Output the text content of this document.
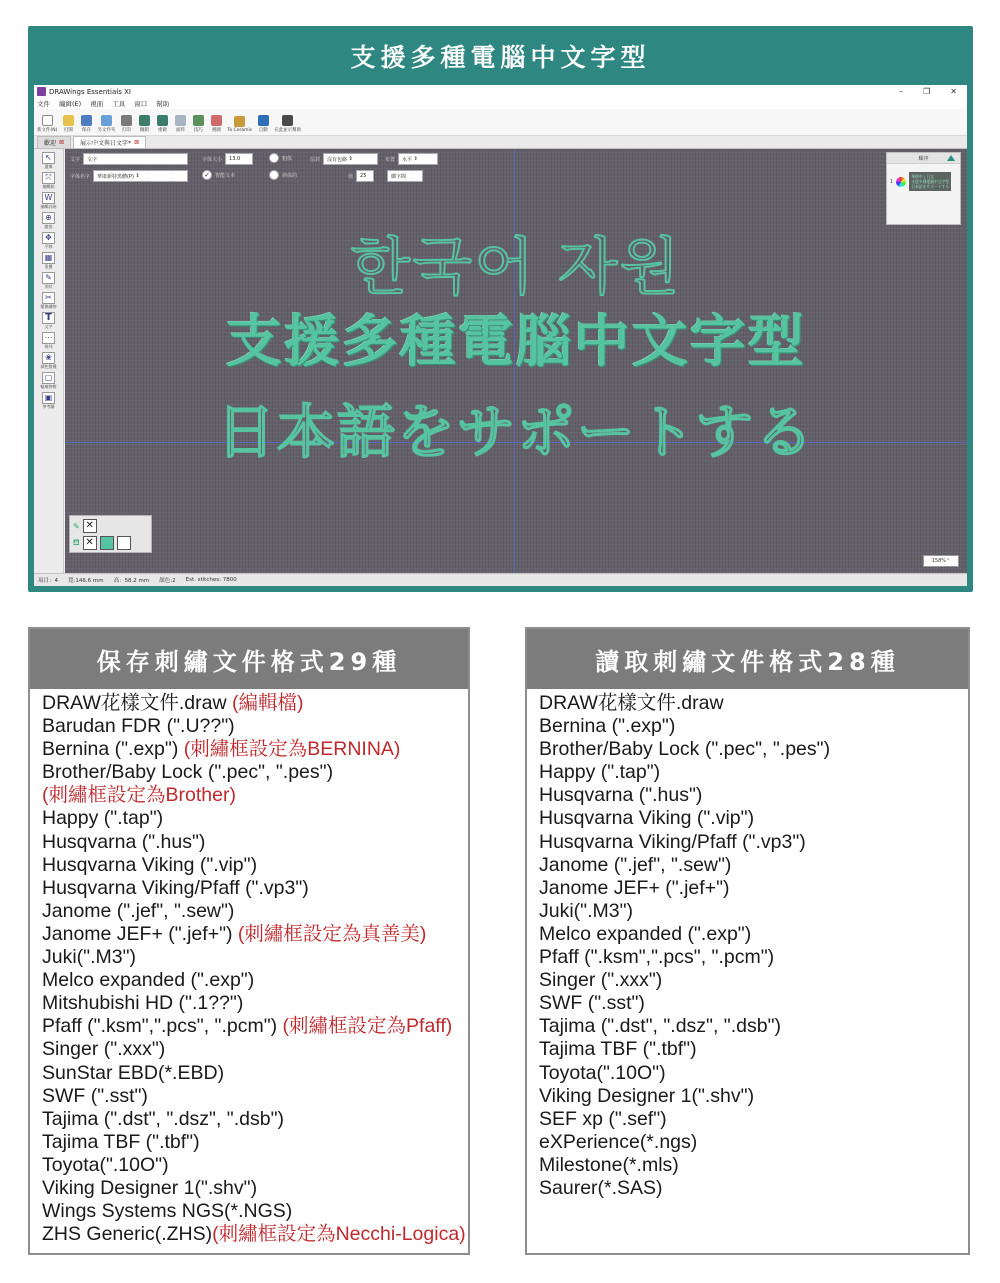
支援多種電腦中文字型
DRAWings Essentials XI	–	❐	✕
文件 編緝(E) 視面 工具 窗口 幫助
新文件(N) 打開 保存 另文件夾 打印 撤銷 重做 面料 技巧 視圖 To Ceramic 自動 在此並示幫助
歡迎 ⊠	展示中文與日文字* ⊠
↖
選擇
⤧
編輯點
W
編輯針跡
⊕
縮放
✥
平移
▦
重疊
✎
形狀
✂
變換繡物
T
文字
⋯
排列
❀
調色整種
▢
輪廓物輕
▣
參考圖
文字	文字	字体大小	13.0	粗体	信封 沒有包絡 ⇕	布置 水平 ⇕
字体名字 華康新特黑體(P) ⇕	✓	智能文本	斜体的	值	25	綁字間
한국어 자원
支援多種電腦中文字型
日本語をサポートする
順序
1
華僑中 | 日文
支援多種電腦中文字型
日本語をサポートする
✎ ✕
⛾ ✕
158%⌃
項目：4 寬:146.6 mm 高：58.2 mm 顏色:2 Est. stitches: 7800
保存刺繡文件格式29種
DRAW花樣文件.draw (編輯檔)
Barudan FDR (".U??")
Bernina (".exp") (刺繡框設定為BERNINA)
Brother/Baby Lock (".pec", ".pes")
(刺繡框設定為Brother)
Happy (".tap")
Husqvarna (".hus")
Husqvarna Viking (".vip")
Husqvarna Viking/Pfaff (".vp3")
Janome (".jef", ".sew")
Janome JEF+ (".jef+") (刺繡框設定為真善美)
Juki(".M3")
Melco expanded (".exp")
Mitshubishi HD (".1??")
Pfaff (".ksm",".pcs", ".pcm") (刺繡框設定為Pfaff)
Singer (".xxx")
SunStar EBD(*.EBD)
SWF (".sst")
Tajima (".dst", ".dsz", ".dsb")
Tajima TBF (".tbf")
Toyota(".10O")
Viking Designer 1(".shv")
Wings Systems NGS(*.NGS)
ZHS Generic(.ZHS)(刺繡框設定為Necchi-Logica)
讀取刺繡文件格式28種
DRAW花樣文件.draw
Bernina (".exp")
Brother/Baby Lock (".pec", ".pes")
Happy (".tap")
Husqvarna (".hus")
Husqvarna Viking (".vip")
Husqvarna Viking/Pfaff (".vp3")
Janome (".jef", ".sew")
Janome JEF+ (".jef+")
Juki(".M3")
Melco expanded (".exp")
Pfaff (".ksm",".pcs", ".pcm")
Singer (".xxx")
SWF (".sst")
Tajima (".dst", ".dsz", ".dsb")
Tajima TBF (".tbf")
Toyota(".10O")
Viking Designer 1(".shv")
SEF xp (".sef")
eXPerience(*.ngs)
Milestone(*.mls)
Saurer(*.SAS)
